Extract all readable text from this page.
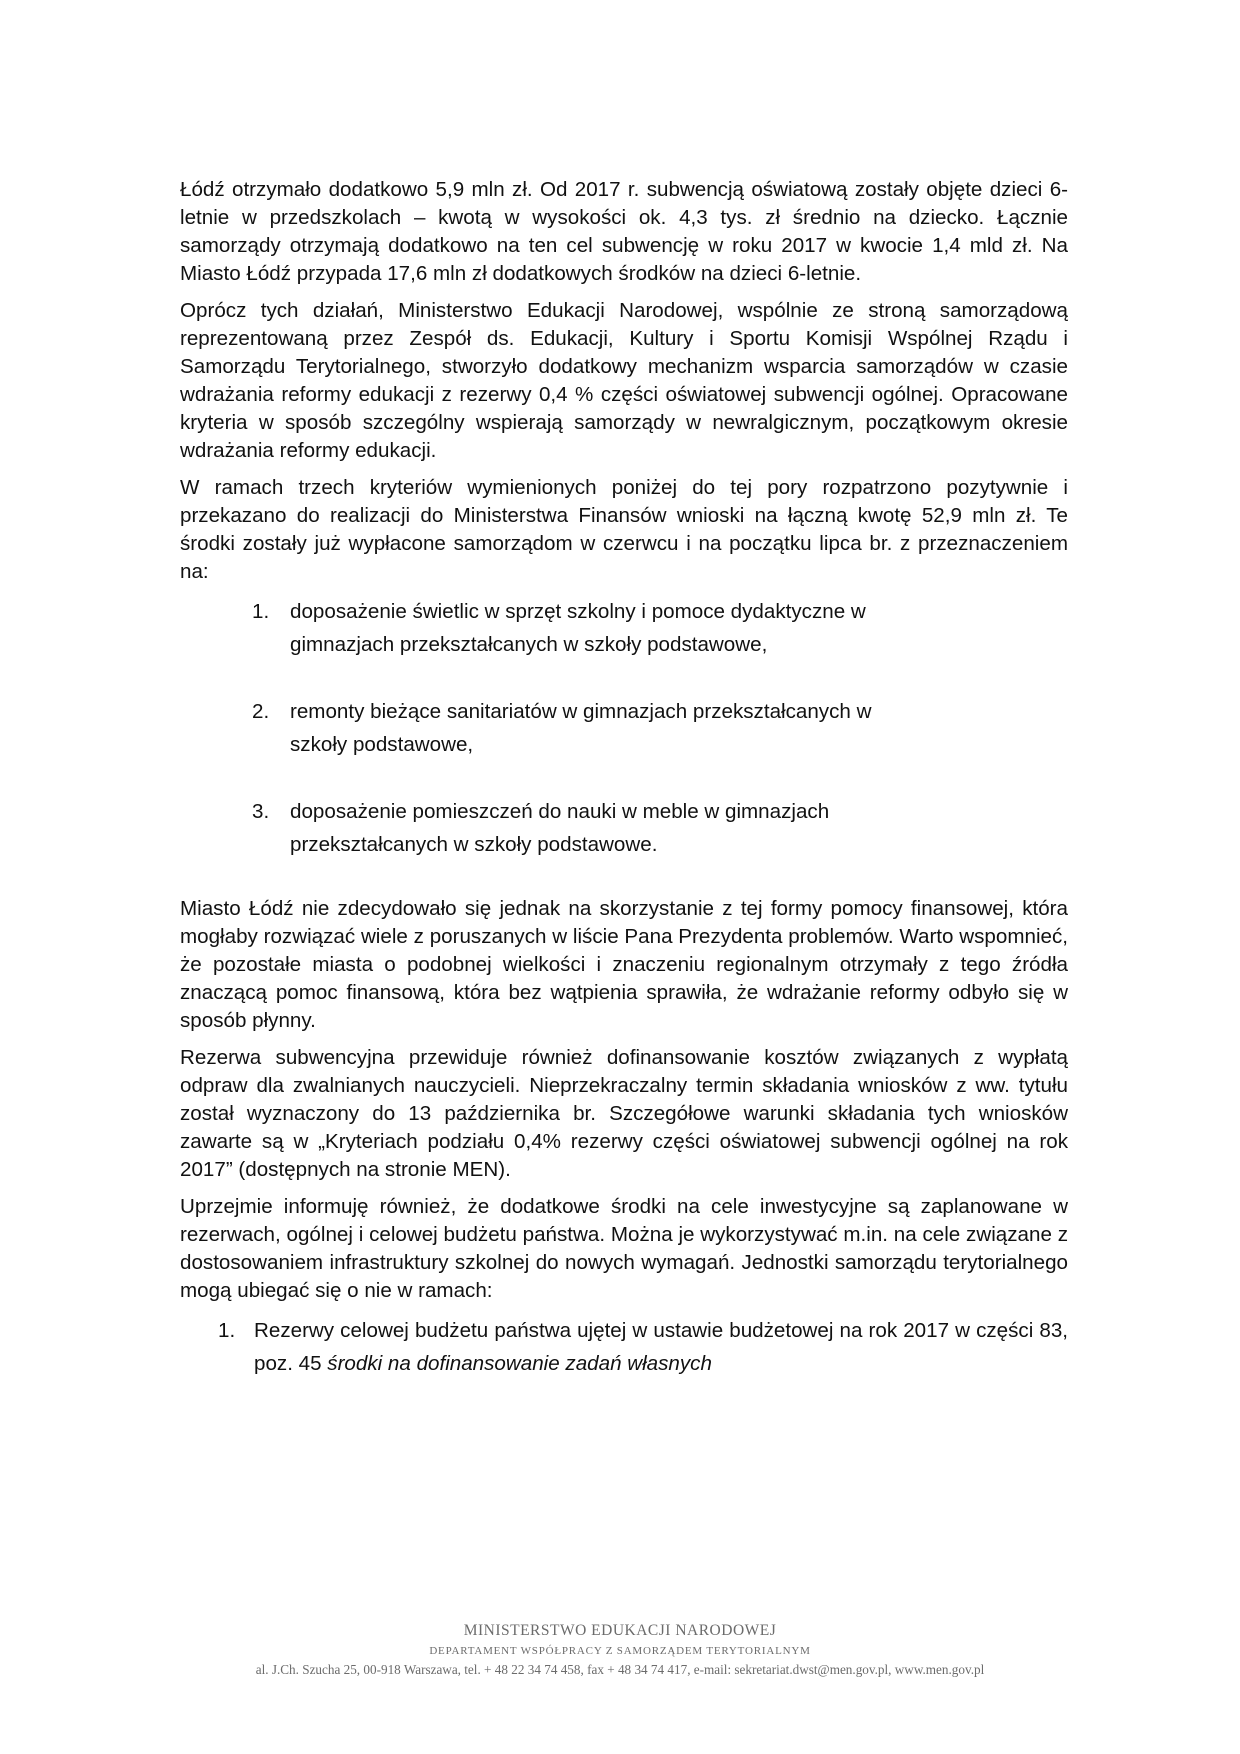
Łódź otrzymało dodatkowo 5,9 mln zł. Od 2017 r. subwencją oświatową zostały objęte dzieci 6-letnie w przedszkolach – kwotą w wysokości ok. 4,3 tys. zł średnio na dziecko. Łącznie samorządy otrzymają dodatkowo na ten cel subwencję w roku 2017 w kwocie 1,4 mld zł. Na Miasto Łódź przypada 17,6 mln zł dodatkowych środków na dzieci 6-letnie.

Oprócz tych działań, Ministerstwo Edukacji Narodowej, wspólnie ze stroną samorządową reprezentowaną przez Zespół ds. Edukacji, Kultury i Sportu Komisji Wspólnej Rządu i Samorządu Terytorialnego, stworzyło dodatkowy mechanizm wsparcia samorządów w czasie wdrażania reformy edukacji z rezerwy 0,4 % części oświatowej subwencji ogólnej. Opracowane kryteria w sposób szczególny wspierają samorządy w newralgicznym, początkowym okresie wdrażania reformy edukacji.

W ramach trzech kryteriów wymienionych poniżej do tej pory rozpatrzono pozytywnie i przekazano do realizacji do Ministerstwa Finansów wnioski na łączną kwotę 52,9 mln zł. Te środki zostały już wypłacone samorządom w czerwcu i na początku lipca br. z przeznaczeniem na:

1. doposażenie świetlic w sprzęt szkolny i pomoce dydaktyczne w gimnazjach przekształcanych w szkoły podstawowe,
2. remonty bieżące sanitariatów w gimnazjach przekształcanych w szkoły podstawowe,
3. doposażenie pomieszczeń do nauki w meble w gimnazjach przekształcanych w szkoły podstawowe.

Miasto Łódź nie zdecydowało się jednak na skorzystanie z tej formy pomocy finansowej, która mogłaby rozwiązać wiele z poruszanych w liście Pana Prezydenta problemów. Warto wspomnieć, że pozostałe miasta o podobnej wielkości i znaczeniu regionalnym otrzymały z tego źródła znaczącą pomoc finansową, która bez wątpienia sprawiła, że wdrażanie reformy odbyło się w sposób płynny.

Rezerwa subwencyjna przewiduje również dofinansowanie kosztów związanych z wypłatą odpraw dla zwalnianych nauczycieli. Nieprzekraczalny termin składania wniosków z ww. tytułu został wyznaczony do 13 października br. Szczegółowe warunki składania tych wniosków zawarte są w „Kryteriach podziału 0,4% rezerwy części oświatowej subwencji ogólnej na rok 2017” (dostępnych na stronie MEN).

Uprzejmie informuję również, że dodatkowe środki na cele inwestycyjne są zaplanowane w rezerwach, ogólnej i celowej budżetu państwa. Można je wykorzystywać m.in. na cele związane z dostosowaniem infrastruktury szkolnej do nowych wymagań. Jednostki samorządu terytorialnego mogą ubiegać się o nie w ramach:

1. Rezerwy celowej budżetu państwa ujętej w ustawie budżetowej na rok 2017 w części 83, poz. 45 środki na dofinansowanie zadań własnych
MINISTERSTWO EDUKACJI NARODOWEJ
DEPARTAMENT WSPÓŁPRACY Z SAMORZĄDEM TERYTORIALNYM
al. J.Ch. Szucha 25, 00-918 Warszawa, tel. + 48 22 34 74 458, fax + 48 34 74 417, e-mail: sekretariat.dwst@men.gov.pl, www.men.gov.pl
